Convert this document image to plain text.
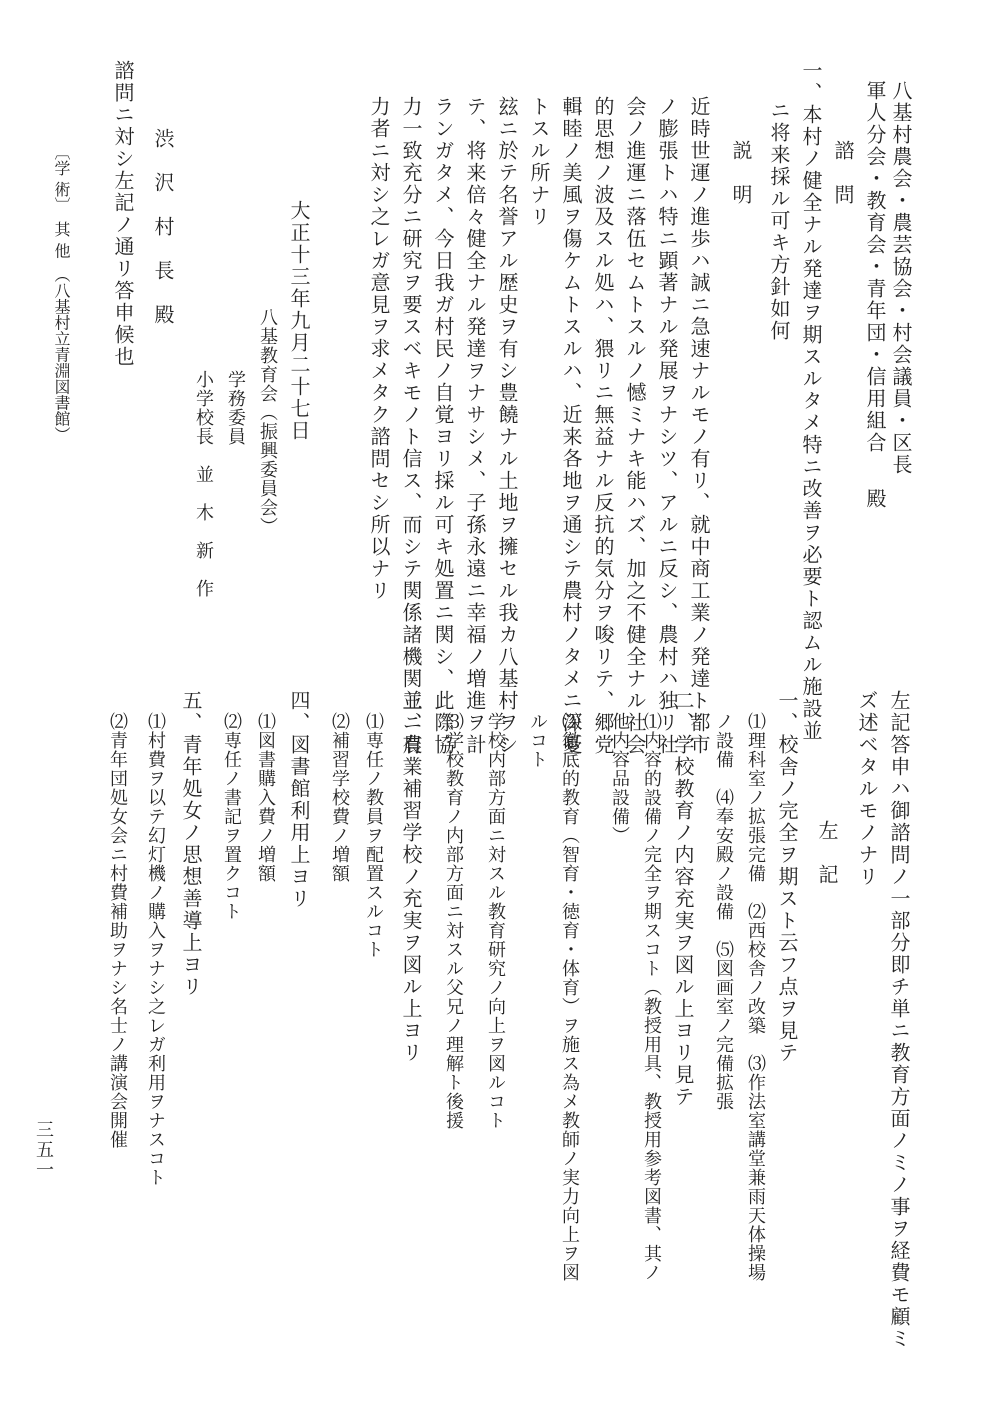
八基村農会・農芸協会・村会議員・区長
軍人分会・教育会・青年団・信用組合
殿
諮　問
一、本村ノ健全ナル発達ヲ期スルタメ特ニ改善ヲ必要ト認ムル施設並
ニ将来採ル可キ方針如何
説　明
近時世運ノ進歩ハ誠ニ急速ナルモノ有リ、就中商工業ノ発達ト都市
ノ膨張トハ特ニ顕著ナル発展ヲナシツ、アルニ反シ、農村ハ独リ社
会ノ進運ニ落伍セムトスルノ憾ミナキ能ハズ、加之不健全ナル社会
的思想ノ波及スル処ハ、猥リニ無益ナル反抗的気分ヲ唆リテ、郷党
輯睦ノ美風ヲ傷ケムトスルハ、近来各地ヲ通シテ農村ノタメニ深憂
トスル所ナリ
玆ニ於テ名誉アル歴史ヲ有シ豊饒ナル土地ヲ擁セル我カ八基村ヲシ
テ、将来倍々健全ナル発達ヲナサシメ、子孫永遠ニ幸福ノ増進ヲ計
ランガタメ、今日我ガ村民ノ自覚ヨリ採ル可キ処置ニ関シ、此際協
力一致充分ニ研究ヲ要スベキモノト信ス、而シテ関係諸機関並ニ有
力者ニ対シ之レガ意見ヲ求メタク諮問セシ所以ナリ
大正十三年九月二十七日
八基教育会（振興委員会）
学務委員
小学校長　並　木　新　作
渋　沢　村　長　殿
諮問ニ対シ左記ノ通リ答申候也
〔学 術〕　其 他　（八基村立青淵図書館）
左記答申ハ御諮問ノ一部分即チ単ニ教育方面ノミノ事ヲ経費モ顧ミ
ズ述ベタルモノナリ
左　記
一、校舎ノ完全ヲ期スト云フ点ヲ見テ
⑴理科室ノ拡張完備　⑵西校舎ノ改築　⑶作法室講堂兼雨天体操場
ノ設備　⑷奉安殿ノ設備　⑸図画室ノ完備拡張
二、学校教育ノ内容充実ヲ図ル上ヨリ見テ
⑴内容的設備ノ完全ヲ期スコト（教授用具、教授用参考図書、其ノ
他内容品設備）
⑵徹底的教育（智育・徳育・体育）ヲ施ス為メ教師ノ実力向上ヲ図
ルコト
学校内部方面ニ対スル教育研究ノ向上ヲ図ルコト
⑶学校教育ノ内部方面ニ対スル父兄ノ理解ト後援
三、農業補習学校ノ充実ヲ図ル上ヨリ
⑴専任ノ教員ヲ配置スルコト
⑵補習学校費ノ増額
四、図書館利用上ヨリ
⑴図書購入費ノ増額
⑵専任ノ書記ヲ置クコト
五、青年処女ノ思想善導上ヨリ
⑴村費ヲ以テ幻灯機ノ購入ヲナシ之レガ利用ヲナスコト
⑵青年団処女会ニ村費補助ヲナシ名士ノ講演会開催
三五一
